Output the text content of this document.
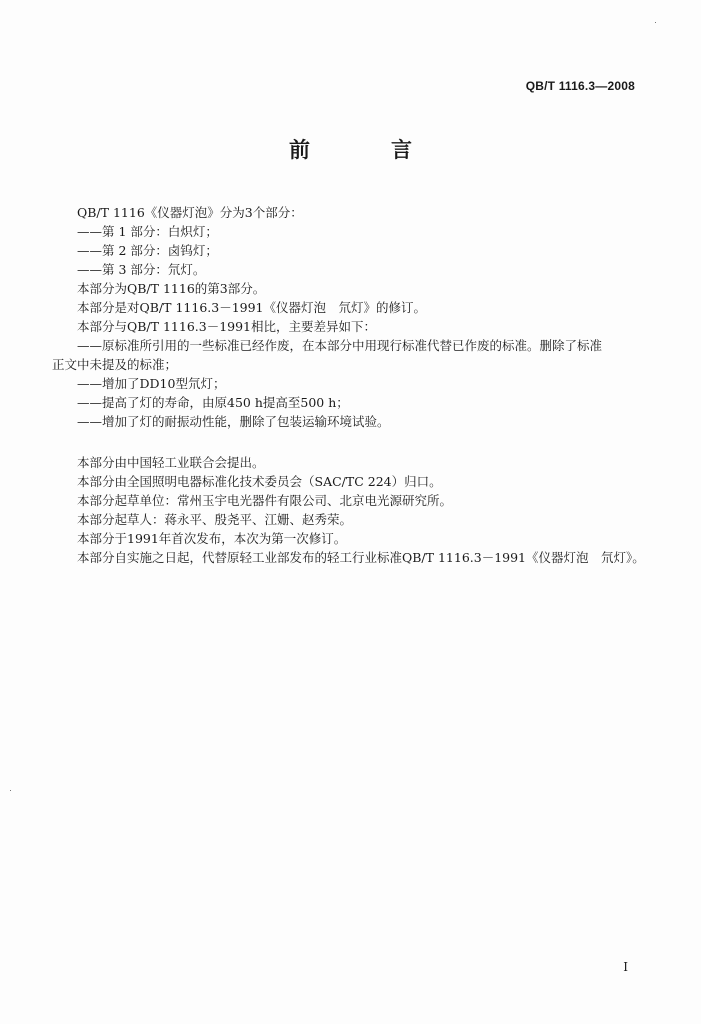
QB/T 1116.3—2008
前　言
QB/T 1116《仪器灯泡》分为3个部分：
——第 1 部分：白炽灯；
——第 2 部分：卤钨灯；
——第 3 部分：氘灯。
本部分为QB/T 1116的第3部分。
本部分是对QB/T 1116.3－1991《仪器灯泡　氘灯》的修订。
本部分与QB/T 1116.3－1991相比，主要差异如下：
——原标准所引用的一些标准已经作废，在本部分中用现行标准代替已作废的标准。删除了标准
正文中未提及的标准；
——增加了DD10型氘灯；
——提高了灯的寿命，由原450 h提高至500 h；
——增加了灯的耐振动性能，删除了包装运输环境试验。
本部分由中国轻工业联合会提出。
本部分由全国照明电器标准化技术委员会（SAC/TC 224）归口。
本部分起草单位：常州玉宇电光器件有限公司、北京电光源研究所。
本部分起草人：蒋永平、殷尧平、江姗、赵秀荣。
本部分于1991年首次发布，本次为第一次修订。
本部分自实施之日起，代替原轻工业部发布的轻工行业标准QB/T 1116.3－1991《仪器灯泡　氘灯》。
I
